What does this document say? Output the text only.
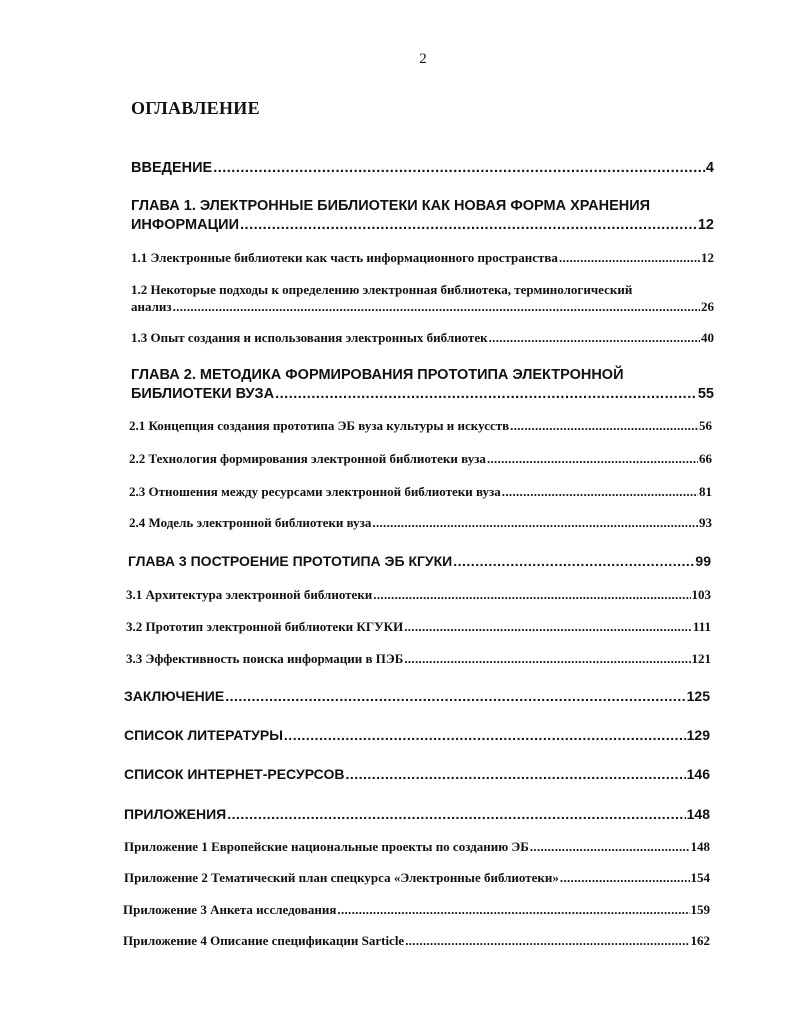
2
ОГЛАВЛЕНИЕ
ВВЕДЕНИЕ .....	4
ГЛАВА 1. ЭЛЕКТРОННЫЕ БИБЛИОТЕКИ КАК НОВАЯ ФОРМА ХРАНЕНИЯ
ИНФОРМАЦИИ .....	12
1.1 Электронные библиотеки как часть информационного пространства .....	12
1.2 Некоторые подходы к определению электронная библиотека, терминологический
анализ .....	26
1.3 Опыт создания и использования электронных библиотек .....	40
ГЛАВА 2. МЕТОДИКА ФОРМИРОВАНИЯ ПРОТОТИПА ЭЛЕКТРОННОЙ
БИБЛИОТЕКИ ВУЗА .....	55
2.1 Концепция создания прототипа ЭБ вуза культуры и искусств .....	56
2.2 Технология формирования электронной библиотеки вуза .....	66
2.3 Отношения между ресурсами электронной библиотеки вуза .....	81
2.4 Модель электронной библиотеки вуза .....	93
ГЛАВА 3 ПОСТРОЕНИЕ ПРОТОТИПА ЭБ КГУКИ .....	99
3.1 Архитектура электронной библиотеки .....	103
3.2 Прототип электронной библиотеки КГУКИ .....	111
3.3 Эффективность поиска информации в ПЭБ .....	121
ЗАКЛЮЧЕНИЕ .....	125
СПИСОК ЛИТЕРАТУРЫ .....	129
СПИСОК ИНТЕРНЕТ-РЕСУРСОВ .....	146
ПРИЛОЖЕНИЯ .....	148
Приложение 1 Европейские национальные проекты по созданию ЭБ .....	148
Приложение 2 Тематический план спецкурса «Электронные библиотеки» .....	154
Приложение 3 Анкета исследования .....	159
Приложение 4 Описание спецификации Sarticle .....	162
